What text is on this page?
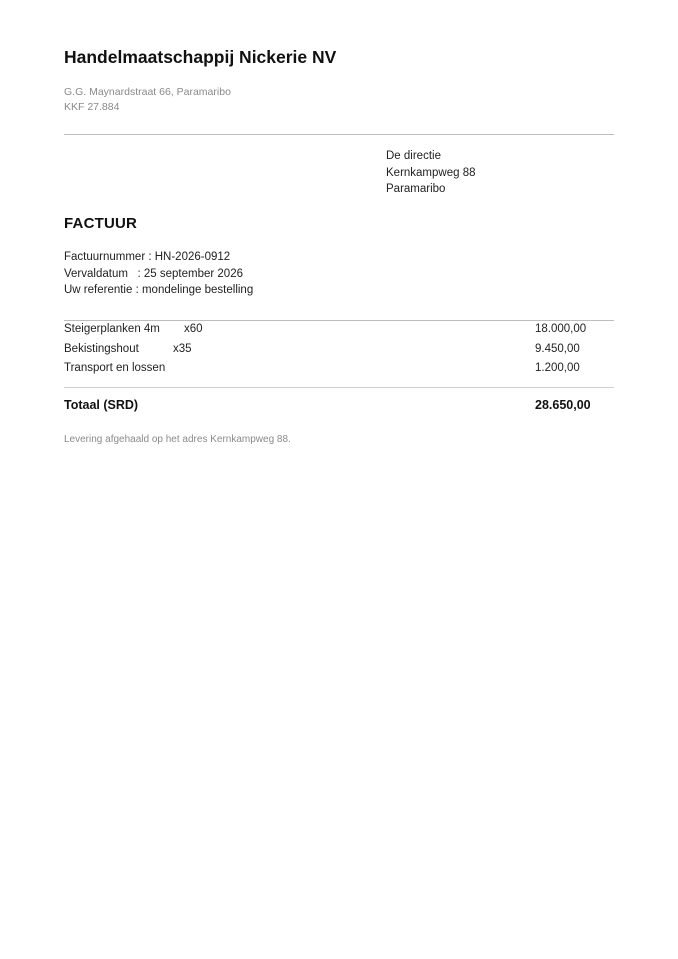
Handelmaatschappij Nickerie NV
G.G. Maynardstraat 66, Paramaribo
KKF 27.884
De directie
Kernkampweg 88
Paramaribo
FACTUUR
Factuurnummer : HN-2026-0912
Vervaldatum   : 25 september 2026
Uw referentie : mondelinge bestelling
Steigerplanken 4m x60	18.000,00
Bekistingshout	x35	9.450,00
Transport en lossen	1.200,00
Totaal (SRD)	28.650,00
Levering afgehaald op het adres Kernkampweg 88.
